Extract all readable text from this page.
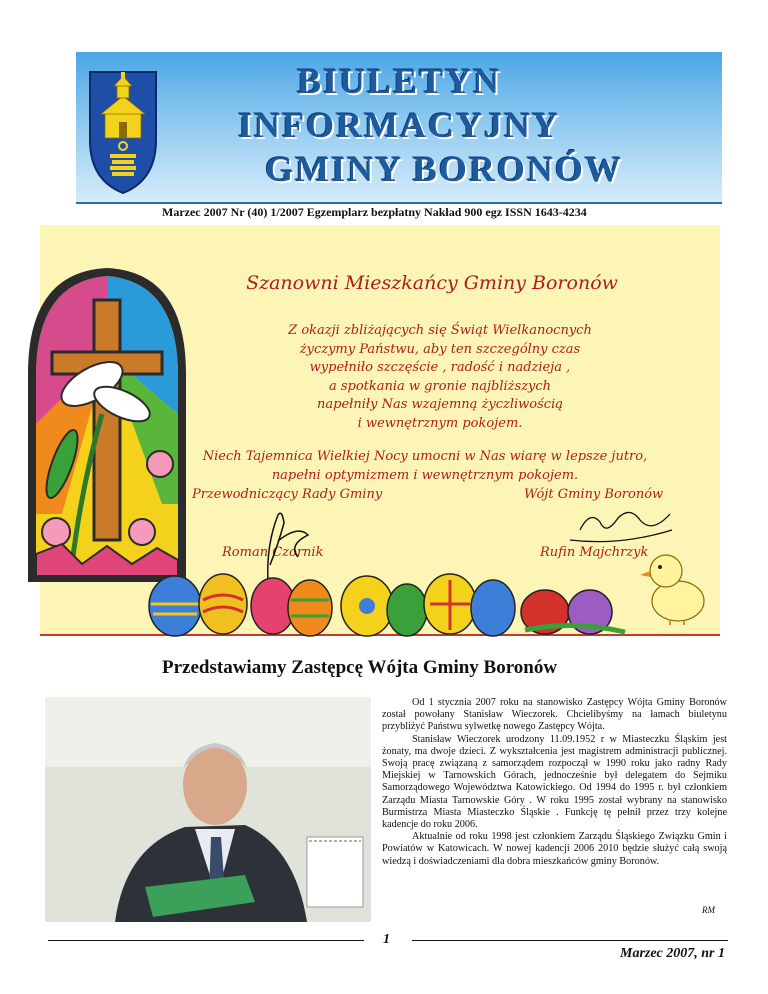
BIULETYN
INFORMACYJNY
GMINY BORONÓW
Marzec 2007 Nr (40) 1/2007 Egzemplarz bezpłatny Nakład 900 egz ISSN 1643-4234
Szanowni Mieszkańcy Gminy Boronów
Z okazji zbliżających się Świąt Wielkanocnych
życzymy Państwu, aby ten szczególny czas
wypełniło szczęście , radość i nadzieja ,
a spotkania w gronie najbliższych
napełniły Nas wzajemną życzliwością
i wewnętrznym pokojem.
Niech Tajemnica Wielkiej Nocy umocni w Nas wiarę w lepsze jutro,
napełni optymizmem i wewnętrznym pokojem.
Przewodniczący Rady Gminy	Wójt Gminy Boronów
Roman Czornik	Rufin Majchrzyk
Przedstawiamy Zastępcę Wójta Gminy Boronów

Od 1 stycznia 2007 roku na stanowisko Zastępcy Wójta Gminy Boronów został powołany Stanisław Wieczorek. Chcielibyśmy na łamach biuletynu przybliżyć Państwu sylwetkę nowego Zastępcy Wójta.

Stanisław Wieczorek urodzony 11.09.1952 r w Miasteczku Śląskim jest żonaty, ma dwoje dzieci. Z wykształcenia jest magistrem administracji publicznej. Swoją pracę związaną z samorządem rozpoczął w 1990 roku jako radny Rady Miejskiej w Tarnowskich Górach, jednocześnie był delegatem do Sejmiku Samorządowego Województwa Katowickiego. Od 1994 do 1995 r. był członkiem Zarządu Miasta Tarnowskie Góry . W roku 1995 został wybrany na stanowisko Burmistrza Miasta Miasteczko Śląskie . Funkcję tę pełnił przez trzy kolejne kadencje do roku 2006.

Aktualnie od roku 1998 jest członkiem Zarządu Śląskiego Związku Gmin i Powiatów w Katowicach. W nowej kadencji 2006 2010 będzie służyć całą swoją wiedzą i doświadczeniami dla dobra mieszkańców gminy Boronów.

RM
1
Marzec 2007, nr 1
